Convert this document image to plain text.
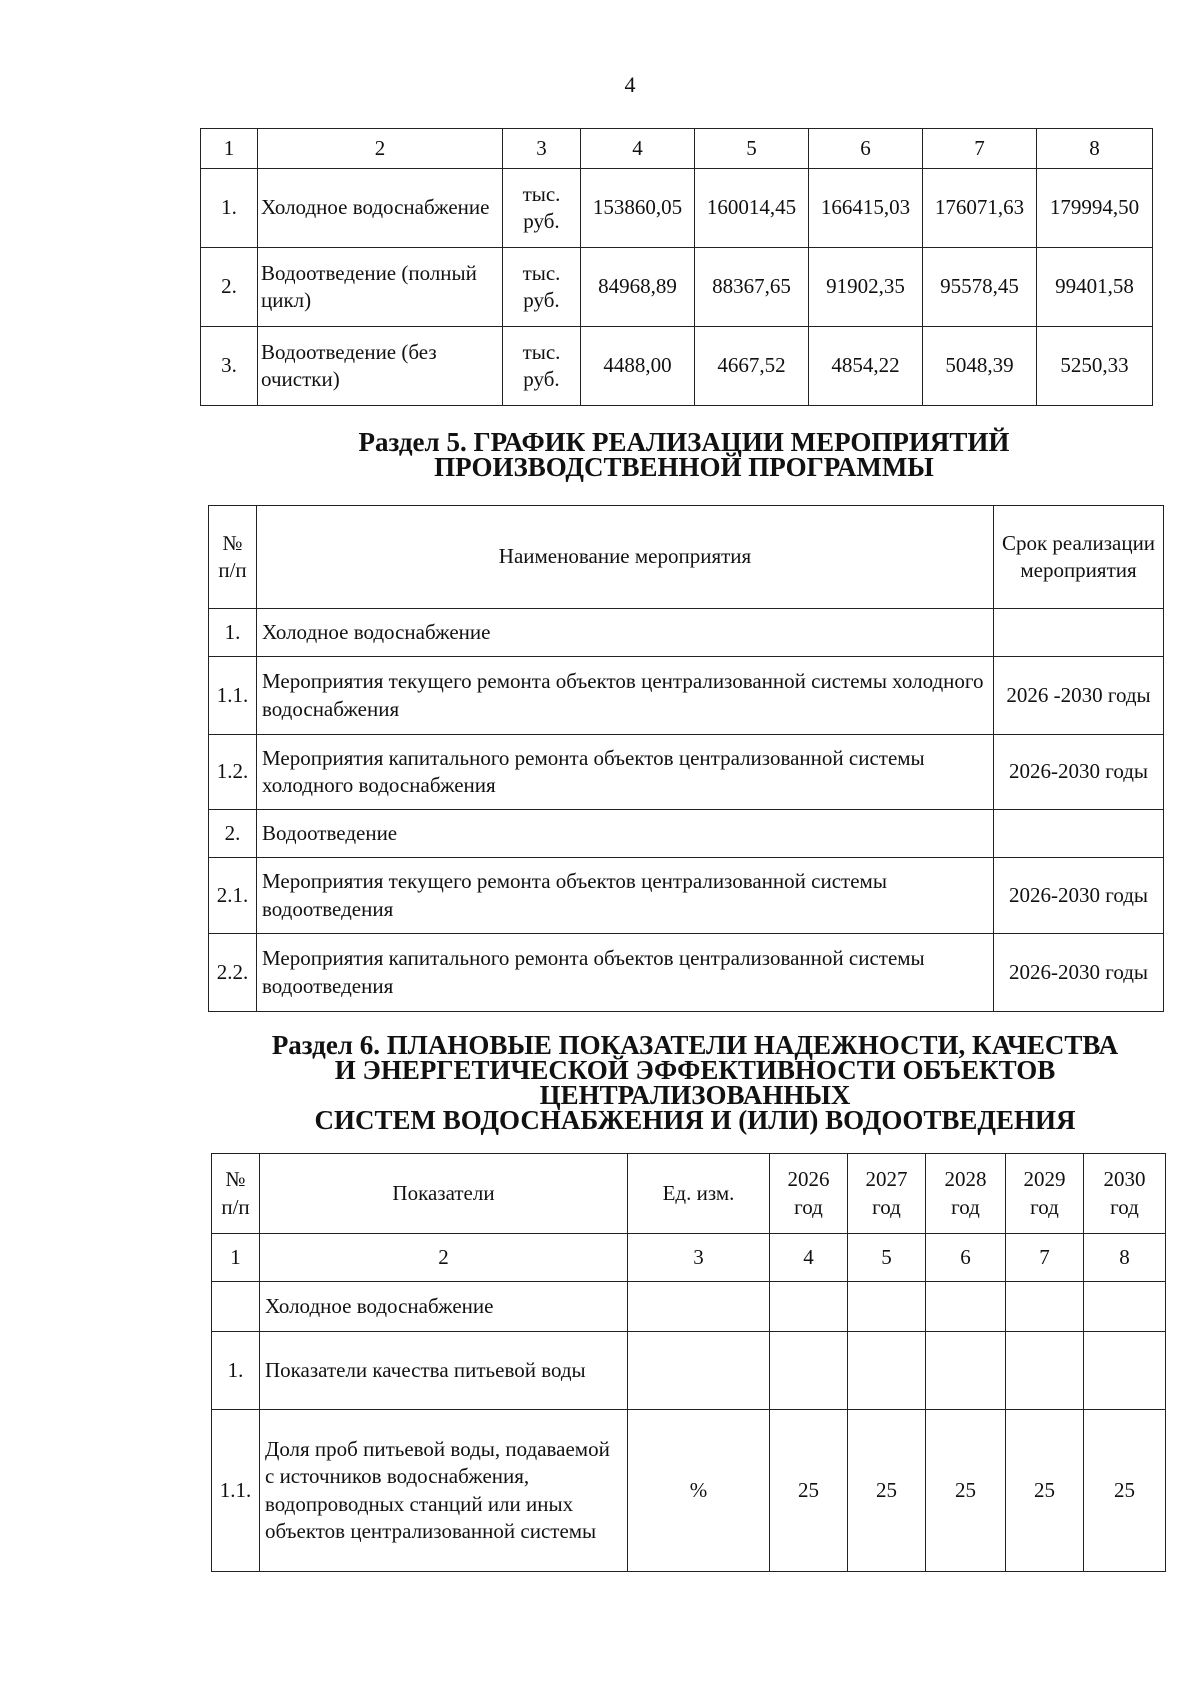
4
1	2	3	4	5	6	7	8
1.	Холодное водоснабжение	тыс. руб.	153860,05	160014,45	166415,03	176071,63	179994,50
2.	Водоотведение (полный цикл)	тыс. руб.	84968,89	88367,65	91902,35	95578,45	99401,58
3.	Водоотведение (без очистки)	тыс. руб.	4488,00	4667,52	4854,22	5048,39	5250,33
Раздел 5. ГРАФИК РЕАЛИЗАЦИИ МЕРОПРИЯТИЙ
ПРОИЗВОДСТВЕННОЙ ПРОГРАММЫ
№ п/п	Наименование мероприятия	Срок реализации мероприятия
1.	Холодное водоснабжение	
1.1.	Мероприятия текущего ремонта объектов централизованной системы холодного водоснабжения	2026 -2030 годы
1.2.	Мероприятия капитального ремонта объектов централизованной системы холодного водоснабжения	2026-2030 годы
2.	Водоотведение	
2.1.	Мероприятия текущего ремонта объектов централизованной системы водоотведения	2026-2030 годы
2.2.	Мероприятия капитального ремонта объектов централизованной системы водоотведения	2026-2030 годы
Раздел 6. ПЛАНОВЫЕ ПОКАЗАТЕЛИ НАДЕЖНОСТИ, КАЧЕСТВА
И ЭНЕРГЕТИЧЕСКОЙ ЭФФЕКТИВНОСТИ ОБЪЕКТОВ
ЦЕНТРАЛИЗОВАННЫХ
СИСТЕМ ВОДОСНАБЖЕНИЯ И (ИЛИ) ВОДООТВЕДЕНИЯ
№ п/п	Показатели	Ед. изм.	2026 год	2027 год	2028 год	2029 год	2030 год
1	2	3	4	5	6	7	8
	Холодное водоснабжение						
1.	Показатели качества питьевой воды						
1.1.	Доля проб питьевой воды, подаваемой с источников водоснабжения, водопроводных станций или иных объектов централизованной системы	%	25	25	25	25	25
